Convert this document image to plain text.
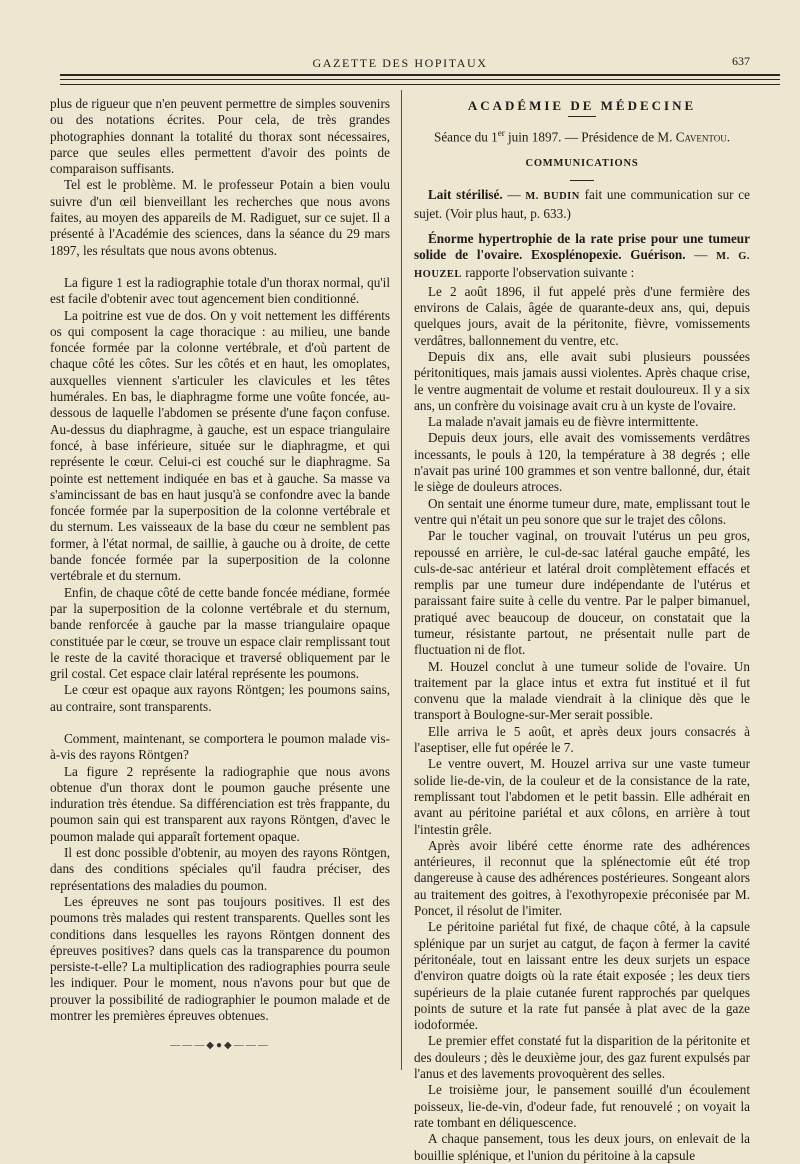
GAZETTE DES HOPITAUX	637

plus de rigueur que n'en peuvent permettre de simples souvenirs ou des notations écrites. Pour cela, de très grandes photographies donnant la totalité du thorax sont nécessaires, parce que seules elles permettent d'avoir des points de comparaison suffisants.

Tel est le problème. M. le professeur Potain a bien voulu suivre d'un œil bienveillant les recherches que nous avons faites, au moyen des appareils de M. Radiguet, sur ce sujet. Il a présenté à l'Académie des sciences, dans la séance du 29 mars 1897, les résultats que nous avons obtenus.

La figure 1 est la radiographie totale d'un thorax normal, qu'il est facile d'obtenir avec tout agencement bien conditionné.

La poitrine est vue de dos. On y voit nettement les différents os qui composent la cage thoracique : au milieu, une bande foncée formée par la colonne vertébrale, et d'où partent de chaque côté les côtes. Sur les côtés et en haut, les omoplates, auxquelles viennent s'articuler les clavicules et les têtes humérales. En bas, le diaphragme forme une voûte foncée, au-dessous de laquelle l'abdomen se présente d'une façon confuse. Au-dessus du diaphragme, à gauche, est un espace triangulaire foncé, à base inférieure, située sur le diaphragme, et qui représente le cœur. Celui-ci est couché sur le diaphragme. Sa pointe est nettement indiquée en bas et à gauche. Sa masse va s'amincissant de bas en haut jusqu'à se confondre avec la bande foncée formée par la superposition de la colonne vertébrale et du sternum. Les vaisseaux de la base du cœur ne semblent pas former, à l'état normal, de saillie, à gauche ou à droite, de cette bande foncée formée par la superposition de la colonne vertébrale et du sternum.

Enfin, de chaque côté de cette bande foncée médiane, formée par la superposition de la colonne vertébrale et du sternum, bande renforcée à gauche par la masse triangulaire opaque constituée par le cœur, se trouve un espace clair remplissant tout le reste de la cavité thoracique et traversé obliquement par le gril costal. Cet espace clair latéral représente les poumons.

Le cœur est opaque aux rayons Röntgen; les poumons sains, au contraire, sont transparents.

Comment, maintenant, se comportera le poumon malade vis-à-vis des rayons Röntgen?

La figure 2 représente la radiographie que nous avons obtenue d'un thorax dont le poumon gauche présente une induration très étendue. Sa différenciation est très frappante, du poumon sain qui est transparent aux rayons Röntgen, d'avec le poumon malade qui apparaît fortement opaque.

Il est donc possible d'obtenir, au moyen des rayons Röntgen, dans des conditions spéciales qu'il faudra préciser, des représentations des maladies du poumon.

Les épreuves ne sont pas toujours positives. Il est des poumons très malades qui restent transparents. Quelles sont les conditions dans lesquelles les rayons Röntgen donnent des épreuves positives? dans quels cas la transparence du poumon persiste-t-elle? La multiplication des radiographies pourra seule les indiquer. Pour le moment, nous n'avons pour but que de prouver la possibilité de radiographier le poumon malade et de montrer les premières épreuves obtenues.

———◆●◆———
ACADÉMIE DE MÉDECINE

Séance du 1er juin 1897. — Présidence de M. Caventou.

COMMUNICATIONS

Lait stérilisé. — M. BUDIN fait une communication sur ce sujet. (Voir plus haut, p. 633.)

Énorme hypertrophie de la rate prise pour une tumeur solide de l'ovaire. Exosplénopexie. Guérison. — M. G. HOUZEL rapporte l'observation suivante :

Le 2 août 1896, il fut appelé près d'une fermière des environs de Calais, âgée de quarante-deux ans, qui, depuis quelques jours, avait de la péritonite, fièvre, vomissements verdâtres, ballonnement du ventre, etc.

Depuis dix ans, elle avait subi plusieurs poussées péritonitiques, mais jamais aussi violentes. Après chaque crise, le ventre augmentait de volume et restait douloureux. Il y a six ans, un confrère du voisinage avait cru à un kyste de l'ovaire.

La malade n'avait jamais eu de fièvre intermittente.

Depuis deux jours, elle avait des vomissements verdâtres incessants, le pouls à 120, la température à 38 degrés ; elle n'avait pas uriné 100 grammes et son ventre ballonné, dur, était le siège de douleurs atroces.

On sentait une énorme tumeur dure, mate, emplissant tout le ventre qui n'était un peu sonore que sur le trajet des côlons.

Par le toucher vaginal, on trouvait l'utérus un peu gros, repoussé en arrière, le cul-de-sac latéral gauche empâté, les culs-de-sac antérieur et latéral droit complètement effacés et remplis par une tumeur dure indépendante de l'utérus et paraissant faire suite à celle du ventre. Par le palper bimanuel, pratiqué avec beaucoup de douceur, on constatait que la tumeur, résistante partout, ne présentait nulle part de fluctuation ni de flot.

M. Houzel conclut à une tumeur solide de l'ovaire. Un traitement par la glace intus et extra fut institué et il fut convenu que la malade viendrait à la clinique dès que le transport à Boulogne-sur-Mer serait possible.

Elle arriva le 5 août, et après deux jours consacrés à l'aseptiser, elle fut opérée le 7.

Le ventre ouvert, M. Houzel arriva sur une vaste tumeur solide lie-de-vin, de la couleur et de la consistance de la rate, remplissant tout l'abdomen et le petit bassin. Elle adhérait en avant au péritoine pariétal et aux côlons, en arrière à tout l'intestin grêle.

Après avoir libéré cette énorme rate des adhérences antérieures, il reconnut que la splénectomie eût été trop dangereuse à cause des adhérences postérieures. Songeant alors au traitement des goitres, à l'exothyropexie préconisée par M. Poncet, il résolut de l'imiter.

Le péritoine pariétal fut fixé, de chaque côté, à la capsule splénique par un surjet au catgut, de façon à fermer la cavité péritonéale, tout en laissant entre les deux surjets un espace d'environ quatre doigts où la rate était exposée ; les deux tiers supérieurs de la plaie cutanée furent rapprochés par quelques points de suture et la rate fut pansée à plat avec de la gaze iodoformée.

Le premier effet constaté fut la disparition de la péritonite et des douleurs ; dès le deuxième jour, des gaz furent expulsés par l'anus et des lavements provoquèrent des selles.

Le troisième jour, le pansement souillé d'un écoulement poisseux, lie-de-vin, d'odeur fade, fut renouvelé ; on voyait la rate tombant en déliquescence.

A chaque pansement, tous les deux jours, on enlevait de la bouillie splénique, et l'union du péritoine à la capsule
